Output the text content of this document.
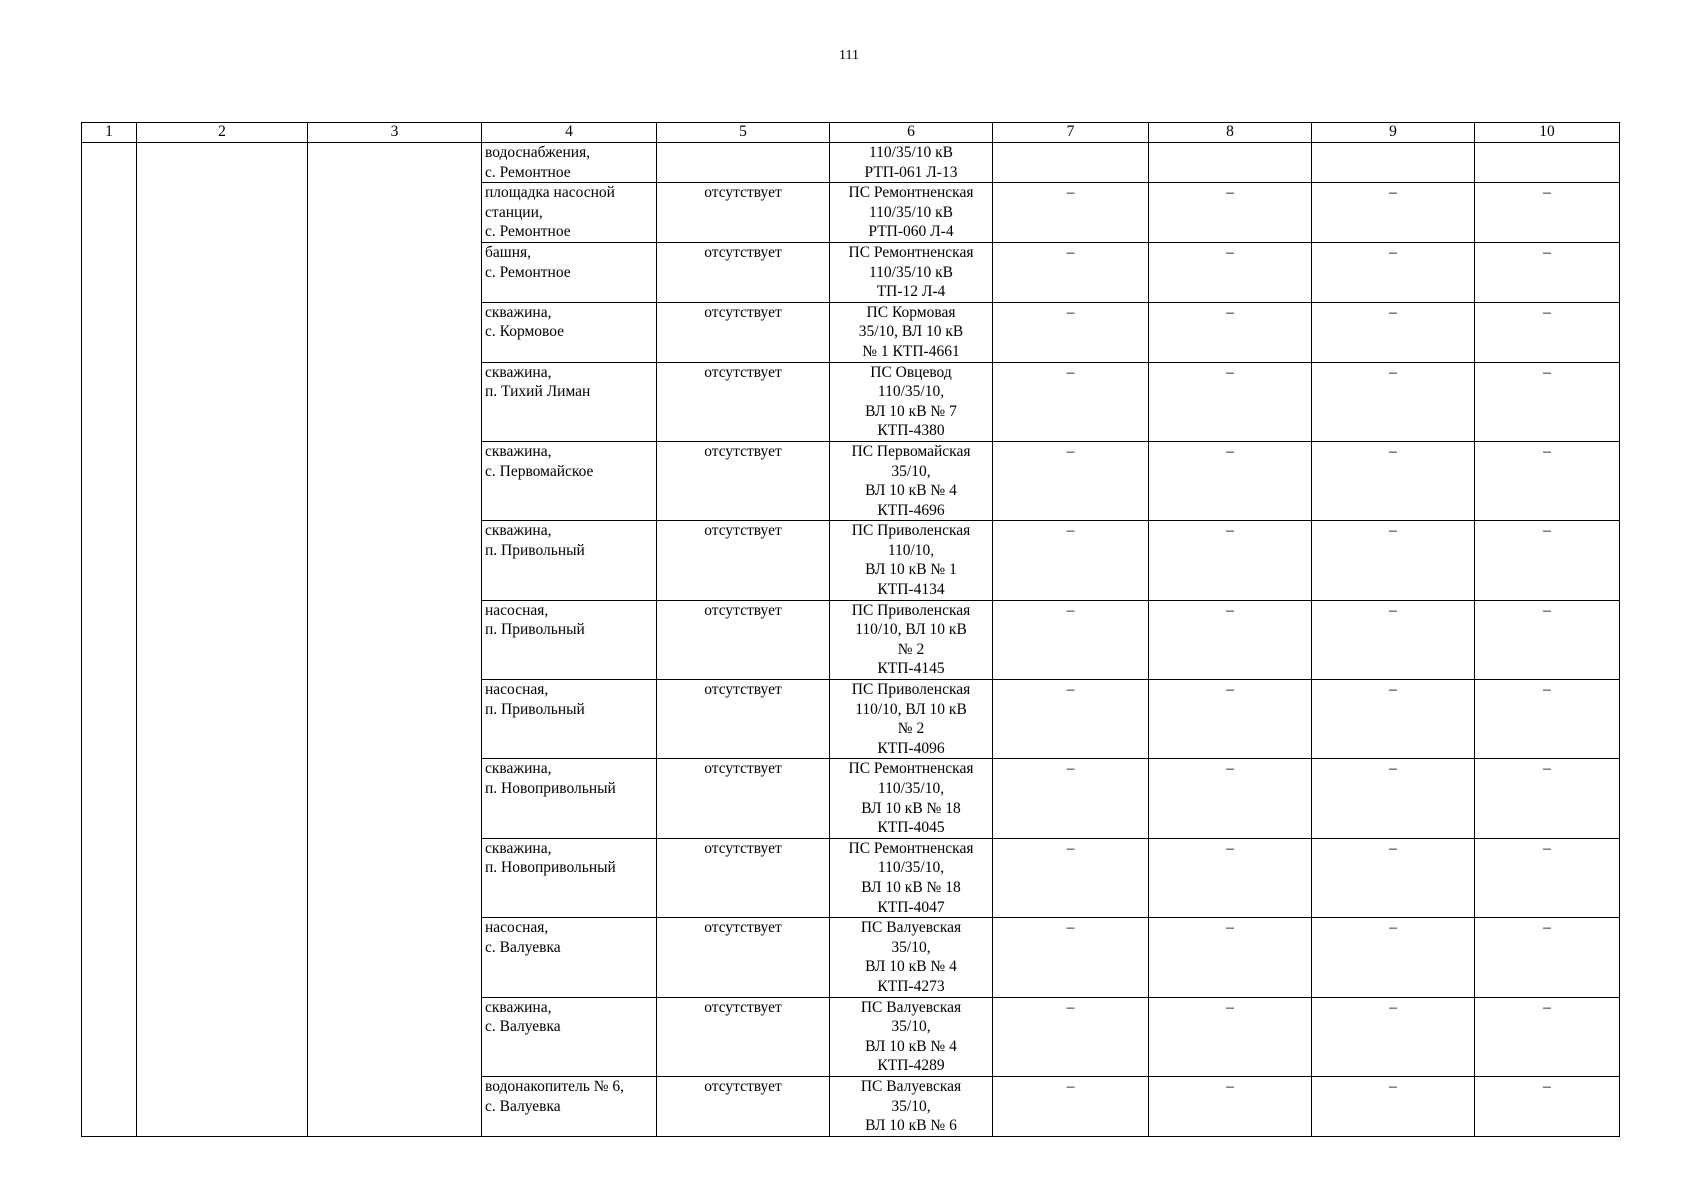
111
1	2	3	4	5	6	7	8	9	10
			водоснабжения,
с. Ремонтное		110/35/10 кВ
РТП-061 Л-13				
			площадка насосной
станции,
с. Ремонтное	отсутствует	ПС Ремонтненская
110/35/10 кВ
РТП-060 Л-4	–	–	–	–
			башня,
с. Ремонтное	отсутствует	ПС Ремонтненская
110/35/10 кВ
ТП-12 Л-4	–	–	–	–
			скважина,
с. Кормовое	отсутствует	ПС Кормовая
35/10, ВЛ 10 кВ
№ 1 КТП-4661	–	–	–	–
			скважина,
п. Тихий Лиман	отсутствует	ПС Овцевод
110/35/10,
ВЛ 10 кВ № 7
КТП-4380	–	–	–	–
			скважина,
с. Первомайское	отсутствует	ПС Первомайская
35/10,
ВЛ 10 кВ № 4
КТП-4696	–	–	–	–
			скважина,
п. Привольный	отсутствует	ПС Приволенская
110/10,
ВЛ 10 кВ № 1
КТП-4134	–	–	–	–
			насосная,
п. Привольный	отсутствует	ПС Приволенская
110/10, ВЛ 10 кВ
№ 2
КТП-4145	–	–	–	–
			насосная,
п. Привольный	отсутствует	ПС Приволенская
110/10, ВЛ 10 кВ
№ 2
КТП-4096	–	–	–	–
			скважина,
п. Новопривольный	отсутствует	ПС Ремонтненская
110/35/10,
ВЛ 10 кВ № 18
КТП-4045	–	–	–	–
			скважина,
п. Новопривольный	отсутствует	ПС Ремонтненская
110/35/10,
ВЛ 10 кВ № 18
КТП-4047	–	–	–	–
			насосная,
с. Валуевка	отсутствует	ПС Валуевская
35/10,
ВЛ 10 кВ № 4
КТП-4273	–	–	–	–
			скважина,
с. Валуевка	отсутствует	ПС Валуевская
35/10,
ВЛ 10 кВ № 4
КТП-4289	–	–	–	–
			водонакопитель № 6,
с. Валуевка	отсутствует	ПС Валуевская
35/10,
ВЛ 10 кВ № 6	–	–	–	–
